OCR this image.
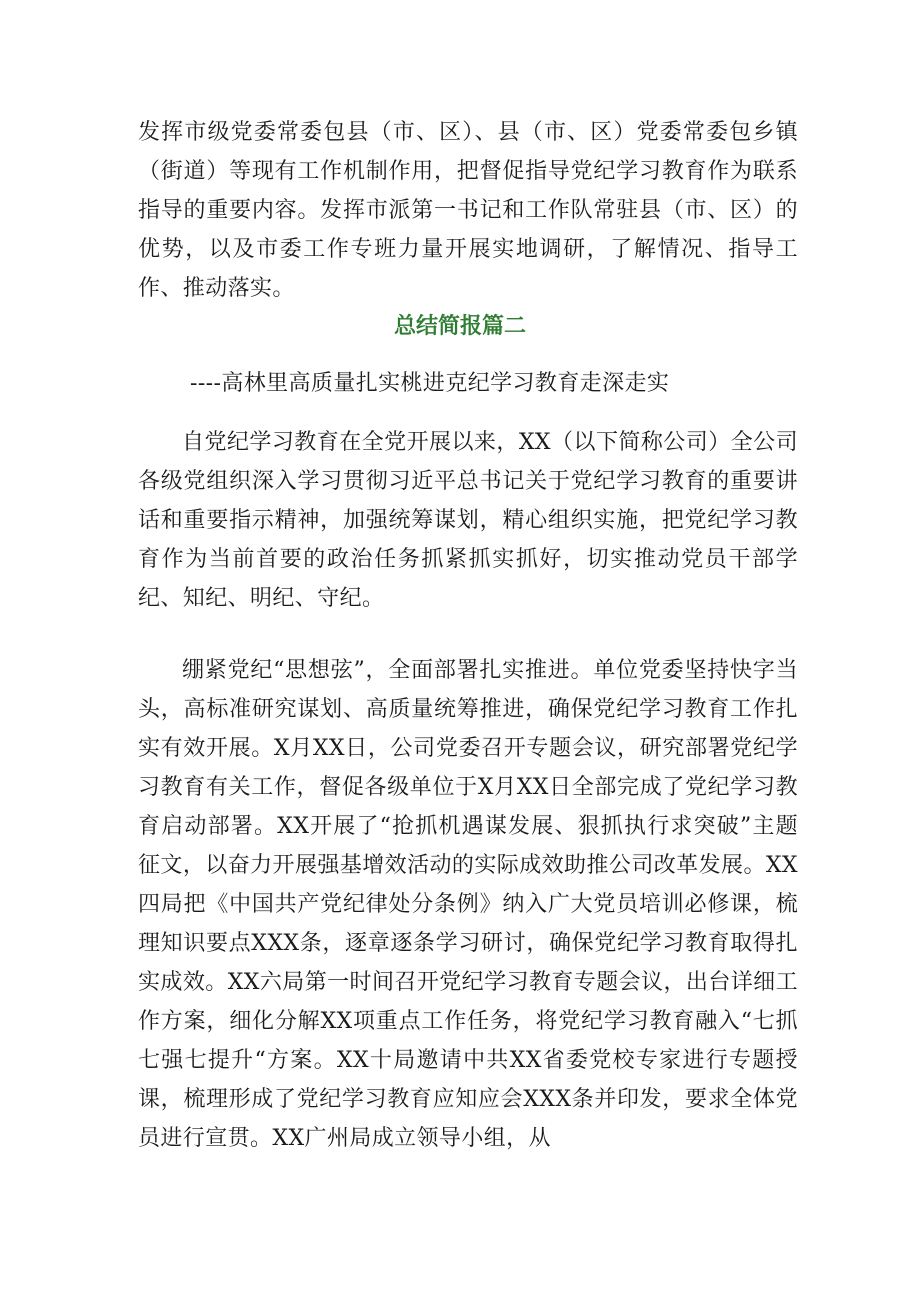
发挥市级党委常委包县（市、区）、县（市、区）党委常委包乡镇（街道）等现有工作机制作用，把督促指导党纪学习教育作为联系指导的重要内容。发挥市派第一书记和工作队常驻县（市、区）的优势，以及市委工作专班力量开展实地调研，了解情况、指导工作、推动落实。

总结简报篇二

----高林里高质量扎实桃进克纪学习教育走深走实

自党纪学习教育在全党开展以来，XX（以下简称公司）全公司各级党组织深入学习贯彻习近平总书记关于党纪学习教育的重要讲话和重要指示精神，加强统筹谋划，精心组织实施，把党纪学习教育作为当前首要的政治任务抓紧抓实抓好，切实推动党员干部学纪、知纪、明纪、守纪。

绷紧党纪“思想弦”，全面部署扎实推进。单位党委坚持快字当头，高标准研究谋划、高质量统筹推进，确保党纪学习教育工作扎实有效开展。X月XX日，公司党委召开专题会议，研究部署党纪学习教育有关工作，督促各级单位于X月XX日全部完成了党纪学习教育启动部署。XX开展了“抢抓机遇谋发展、狠抓执行求突破”主题征文，以奋力开展强基增效活动的实际成效助推公司改革发展。XX四局把《中国共产党纪律处分条例》纳入广大党员培训必修课，梳理知识要点XXX条，逐章逐条学习研讨，确保党纪学习教育取得扎实成效。XX六局第一时间召开党纪学习教育专题会议，出台详细工作方案，细化分解XX项重点工作任务，将党纪学习教育融入“七抓七强七提升“方案。XX十局邀请中共XX省委党校专家进行专题授课，梳理形成了党纪学习教育应知应会XXX条并印发，要求全体党员进行宣贯。XX广州局成立领导小组，从
